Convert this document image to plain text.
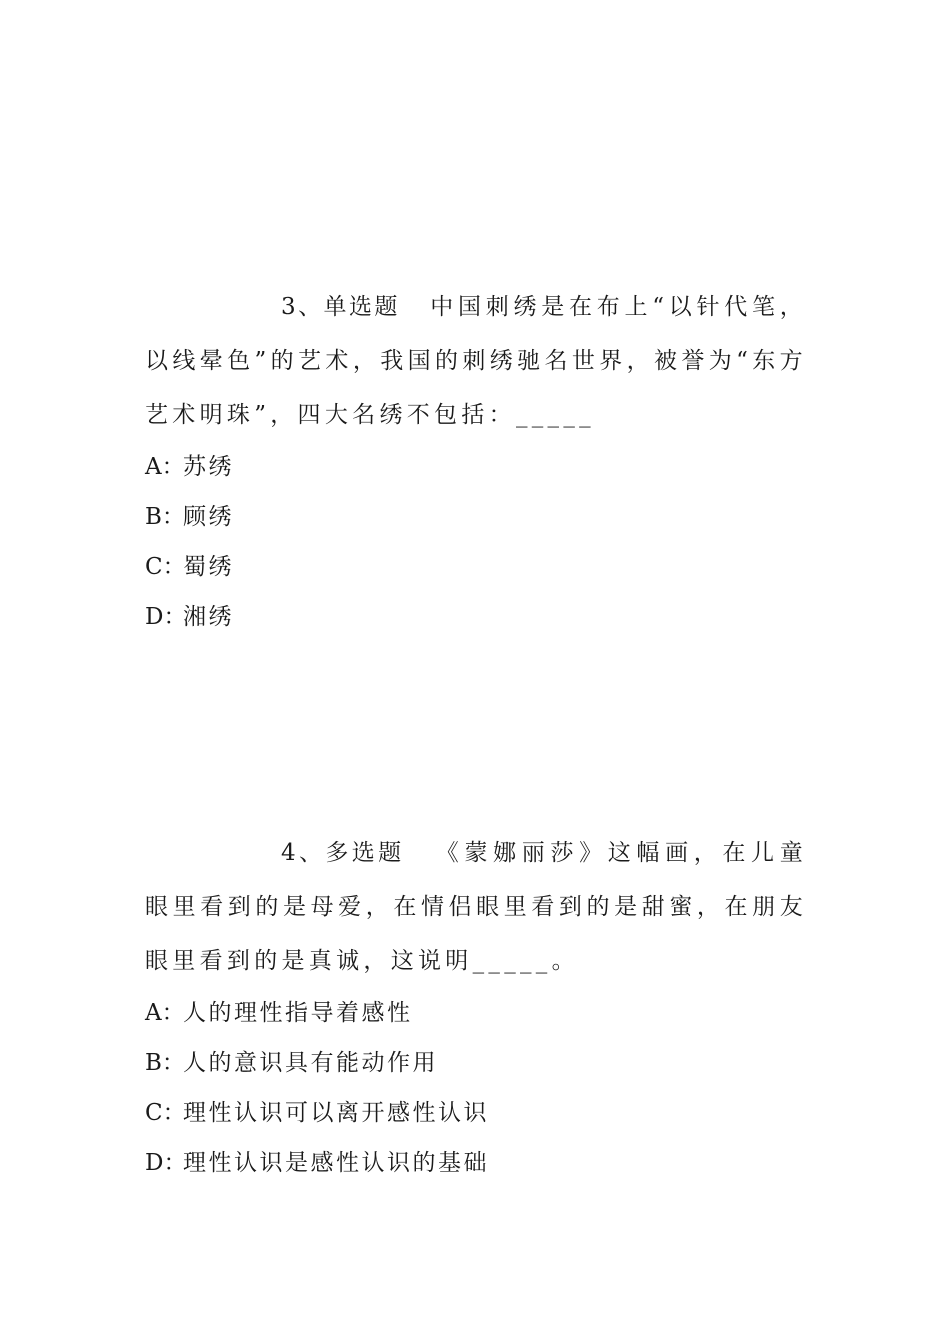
3、单选题 中国刺绣是在布上“以针代笔，以线晕色”的艺术，我国的刺绣驰名世界，被誉为“东方艺术明珠”，四大名绣不包括：_____

A：苏绣
B：顾绣
C：蜀绣
D：湘绣

4、多选题 《蒙娜丽莎》这幅画，在儿童眼里看到的是母爱，在情侣眼里看到的是甜蜜，在朋友眼里看到的是真诚，这说明_____。

A：人的理性指导着感性
B：人的意识具有能动作用
C：理性认识可以离开感性认识
D：理性认识是感性认识的基础
